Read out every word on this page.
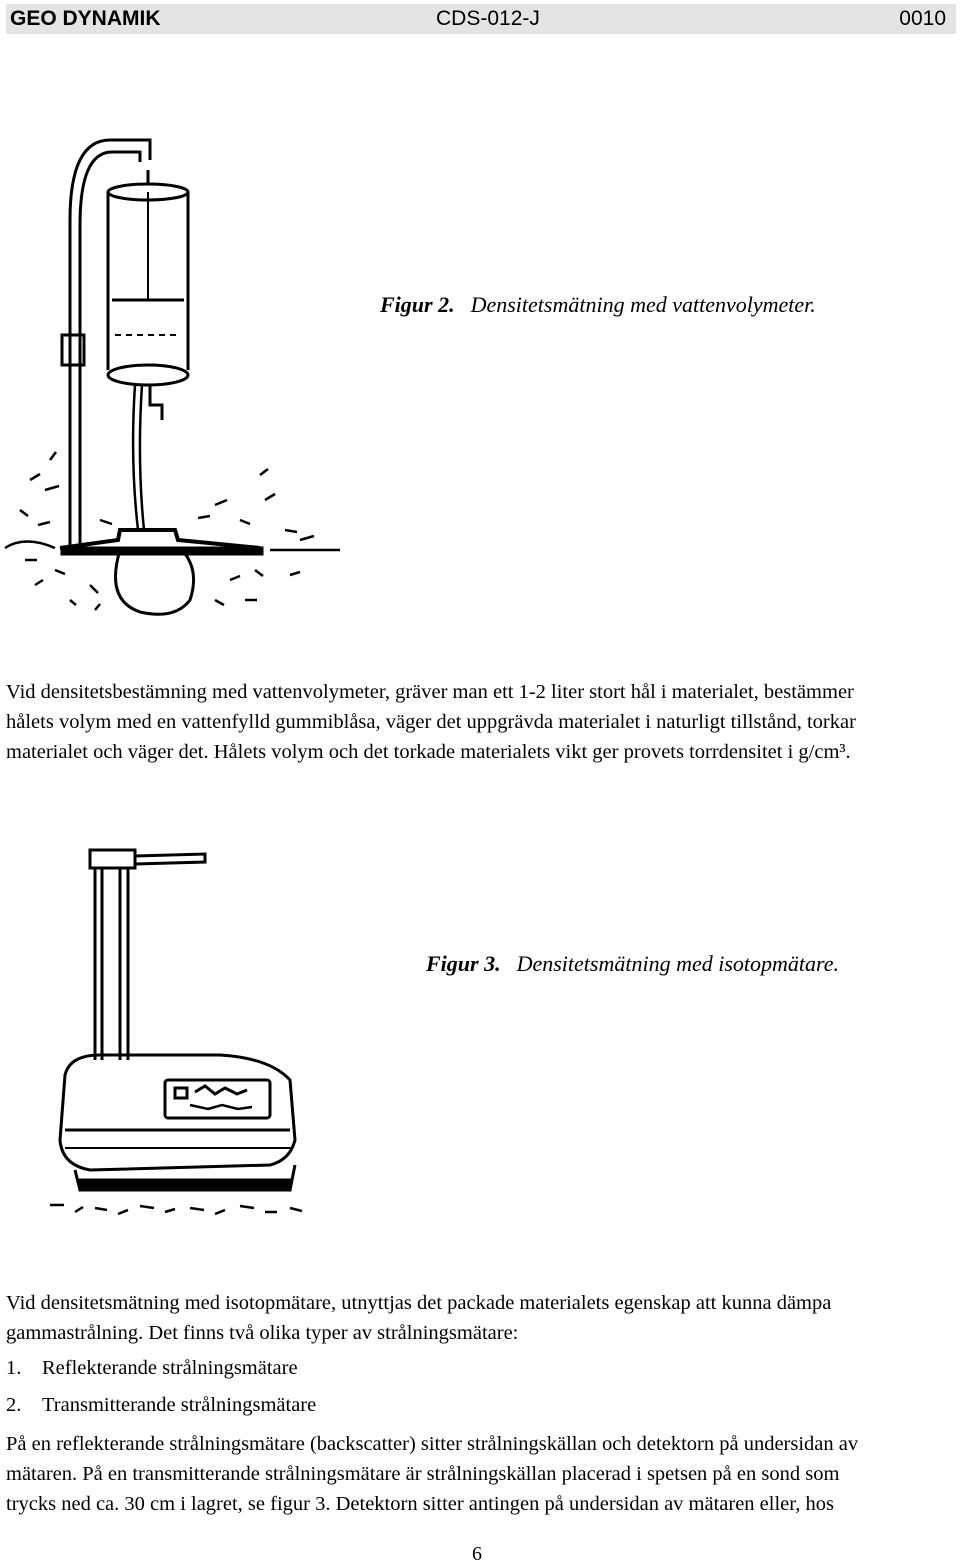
GEO DYNAMIK	CDS-012-J	0010
Figur 2. Densitetsmätning med vattenvolymeter.

Vid densitetsbestämning med vattenvolymeter, gräver man ett 1-2 liter stort hål i materialet, bestämmer
hålets volym med en vattenfylld gummiblåsa, väger det uppgrävda materialet i naturligt tillstånd, torkar
materialet och väger det. Hålets volym och det torkade materialets vikt ger provets torrdensitet i g/cm³.

Figur 3. Densitetsmätning med isotopmätare.

Vid densitetsmätning med isotopmätare, utnyttjas det packade materialets egenskap att kunna dämpa
gammastrålning. Det finns två olika typer av strålningsmätare:

1. Reflekterande strålningsmätare
2. Transmitterande strålningsmätare

På en reflekterande strålningsmätare (backscatter) sitter strålningskällan och detektorn på undersidan av
mätaren. På en transmitterande strålningsmätare är strålningskällan placerad i spetsen på en sond som
trycks ned ca. 30 cm i lagret, se figur 3. Detektorn sitter antingen på undersidan av mätaren eller, hos

6
